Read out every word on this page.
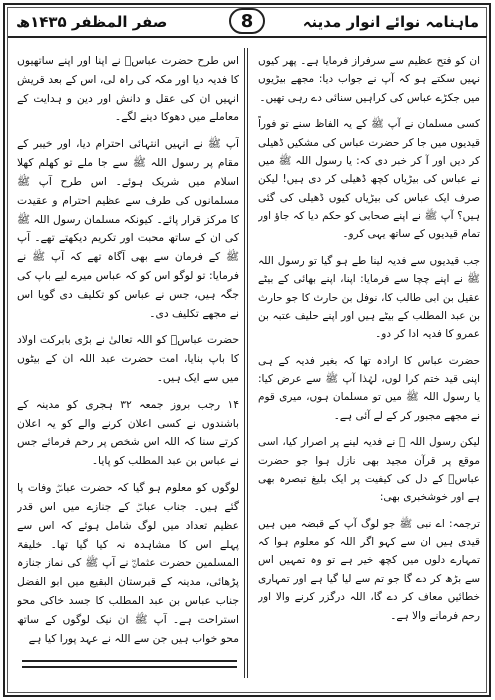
ماہنامہ نوائے انوار مدینہ
صفر المظفر ۱۴۳۵ھ	8

ان کو فتح عظیم سے سرفراز فرمایا ہے۔ پھر کیوں نہیں سکتے ہو کہ آپ نے جواب دیا: مجھے بیڑیوں میں جکڑے عباس کی کراہیں سنائی دے رہی تھیں۔

کسی مسلمان نے آپ ﷺ کے یہ الفاظ سنے تو فوراً قیدیوں میں جا کر حضرت عباس کی مشکیں ڈھیلی کر دیں اور آ کر خبر دی کہ: یا رسول اللہ ﷺ میں نے عباس کی بیڑیاں کچھ ڈھیلی کر دی ہیں! لیکن صرف ایک عباس کی بیڑیاں کیوں ڈھیلی کی گئی ہیں؟ آپ ﷺ نے اپنے صحابی کو حکم دیا کہ جاؤ اور تمام قیدیوں کے ساتھ یہی کرو۔

جب قیدیوں سے فدیہ لینا طے ہو گیا تو رسول اللہ ﷺ نے اپنے چچا سے فرمایا: اپنا، اپنے بھائی کے بیٹے عقیل بن ابی طالب کا، نوفل بن حارث کا جو حارث بن عبد المطلب کے بیٹے ہیں اور اپنے حلیف عتبہ بن عمرو کا فدیہ ادا کر دو۔

حضرت عباس کا ارادہ تھا کہ بغیر فدیہ کے ہی اپنی قید ختم کرا لوں، لہٰذا آپ ﷺ سے عرض کیا: یا رسول اللہ ﷺ میں تو مسلمان ہوں، میری قوم نے مجھے مجبور کر کے لے آئی ہے۔

لیکن رسول اللہ ﷺ نے فدیہ لینے پر اصرار کیا، اسی موقع پر قرآن مجید بھی نازل ہوا جو حضرت عباسؓ کے دل کی کیفیت پر ایک بلیغ تبصرہ بھی ہے اور خوشخبری بھی:

ترجمہ: اے نبی ﷺ جو لوگ آپ کے قبضہ میں ہیں قیدی ہیں ان سے کہو اگر اللہ کو معلوم ہوا کہ تمہارے دلوں میں کچھ خیر ہے تو وہ تمہیں اس سے بڑھ کر دے گا جو تم سے لیا گیا ہے اور تمہاری خطائیں معاف کر دے گا، اللہ درگزر کرنے والا اور رحم فرمانے والا ہے۔

اس طرح حضرت عباسؓ نے اپنا اور اپنے ساتھیوں کا فدیہ دیا اور مکہ کی راہ لی، اس کے بعد قریش انہیں ان کی عقل و دانش اور دین و ہدایت کے معاملے میں دھوکا دینے لگے۔

آپ ﷺ نے انہیں انتہائی احترام دیا، اور خیبر کے مقام پر رسول اللہ ﷺ سے جا ملے تو کھلم کھلا اسلام میں شریک ہوئے۔ اس طرح آپ ﷺ مسلمانوں کی طرف سے عظیم احترام و عقیدت کا مرکز قرار پائے۔ کیونکہ مسلمان رسول اللہ ﷺ کی ان کے ساتھ محبت اور تکریم دیکھتے تھے۔ آپ ﷺ کے فرمان سے بھی آگاہ تھے کہ آپ ﷺ نے فرمایا: تو لوگو اس کو کہ عباس میرے لیے باپ کی جگہ ہیں، جس نے عباس کو تکلیف دی گویا اس نے مجھے تکلیف دی۔

حضرت عباسؓ کو اللہ تعالیٰ نے بڑی بابرکت اولاد کا باپ بنایا، امت حضرت عبد اللہ ان کے بیٹوں میں سے ایک ہیں۔

۱۴ رجب بروز جمعہ ۳۲ ہجری کو مدینہ کے باشندوں نے کسی اعلان کرنے والے کو یہ اعلان کرتے سنا کہ اللہ اس شخص پر رحم فرمائے جس نے عباس بن عبد المطلب کو پایا۔

لوگوں کو معلوم ہو گیا کہ حضرت عباسؓ وفات پا گئے ہیں۔ جناب عباسؓ کے جنازے میں اس قدر عظیم تعداد میں لوگ شامل ہوئے کہ اس سے پہلے اس کا مشاہدہ نہ کیا گیا تھا۔ خلیفۃ المسلمین حضرت عثمانؓ نے آپ ﷺ کی نماز جنازہ پڑھائی، مدینہ کے قبرستان البقیع میں ابو الفضل جناب عباس بن عبد المطلب کا جسد خاکی محو استراحت ہے۔ آپ ﷺ ان نیک لوگوں کے ساتھ محو خواب ہیں جن سے اللہ نے عہد پورا کیا ہے
